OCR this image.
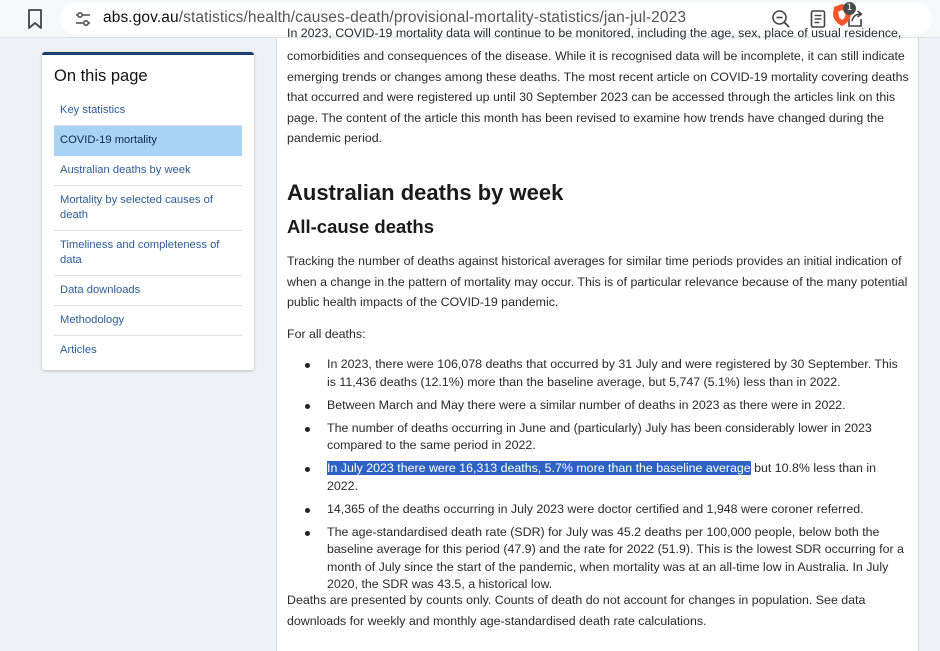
abs.gov.au/statistics/health/causes-death/provisional-mortality-statistics/jan-jul-2023
1
On this page
Key statistics
COVID-19 mortality
Australian deaths by week
Mortality by selected causes of death
Timeliness and completeness of data
Data downloads
Methodology
Articles
In 2023, COVID-19 mortality data will continue to be monitored, including the age, sex, place of usual residence,

comorbidities and consequences of the disease. While it is recognised data will be incomplete, it can still indicate emerging trends or changes among these deaths. The most recent article on COVID-19 mortality covering deaths that occurred and were registered up until 30 September 2023 can be accessed through the articles link on this page. The content of the article this month has been revised to examine how trends have changed during the pandemic period.

Australian deaths by week
All-cause deaths

Tracking the number of deaths against historical averages for similar time periods provides an initial indication of when a change in the pattern of mortality may occur. This is of particular relevance because of the many potential public health impacts of the COVID-19 pandemic.

For all deaths:

In 2023, there were 106,078 deaths that occurred by 31 July and were registered by 30 September. This is 11,436 deaths (12.1%) more than the baseline average, but 5,747 (5.1%) less than in 2022.
Between March and May there were a similar number of deaths in 2023 as there were in 2022.
The number of deaths occurring in June and (particularly) July has been considerably lower in 2023 compared to the same period in 2022.
In July 2023 there were 16,313 deaths, 5.7% more than the baseline average but 10.8% less than in 2022.
14,365 of the deaths occurring in July 2023 were doctor certified and 1,948 were coroner referred.
The age-standardised death rate (SDR) for July was 45.2 deaths per 100,000 people, below both the baseline average for this period (47.9) and the rate for 2022 (51.9). This is the lowest SDR occurring for a month of July since the start of the pandemic, when mortality was at an all-time low in Australia. In July 2020, the SDR was 43.5, a historical low.

Deaths are presented by counts only. Counts of death do not account for changes in population. See data downloads for weekly and monthly age-standardised death rate calculations.
